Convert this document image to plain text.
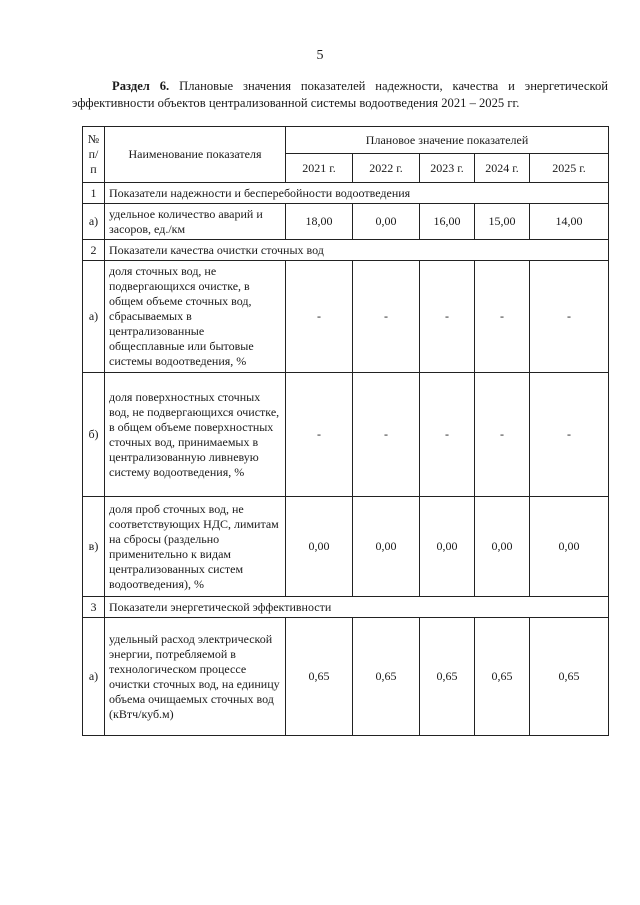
5
Раздел 6. Плановые значения показателей надежности, качества и энергетической эффективности объектов централизованной системы водоотведения 2021 – 2025 гг.
№ п/п	Наименование показателя	Плановое значение показателей				
		2021 г.	2022 г.	2023 г.	2024 г.	2025 г.
1	Показатели надежности и бесперебойности водоотведения					
а)	удельное количество аварий и засоров, ед./км	18,00	0,00	16,00	15,00	14,00
2	Показатели качества очистки сточных вод					
а)	доля сточных вод, не подвергающихся очистке, в общем объеме сточных вод, сбрасываемых в централизованные общесплавные или бытовые системы водоотведения, %	-	-	-	-	-
б)	доля поверхностных сточных вод, не подвергающихся очистке, в общем объеме поверхностных сточных вод, принимаемых в централизованную ливневую систему водоотведения, %	-	-	-	-	-
в)	доля проб сточных вод, не соответствующих НДС, лимитам на сбросы (раздельно применительно к видам централизованных систем водоотведения), %	0,00	0,00	0,00	0,00	0,00
3	Показатели энергетической эффективности					
а)	удельный расход электрической энергии, потребляемой в технологическом процессе очистки сточных вод, на единицу объема очищаемых сточных вод (кВтч/куб.м)	0,65	0,65	0,65	0,65	0,65
